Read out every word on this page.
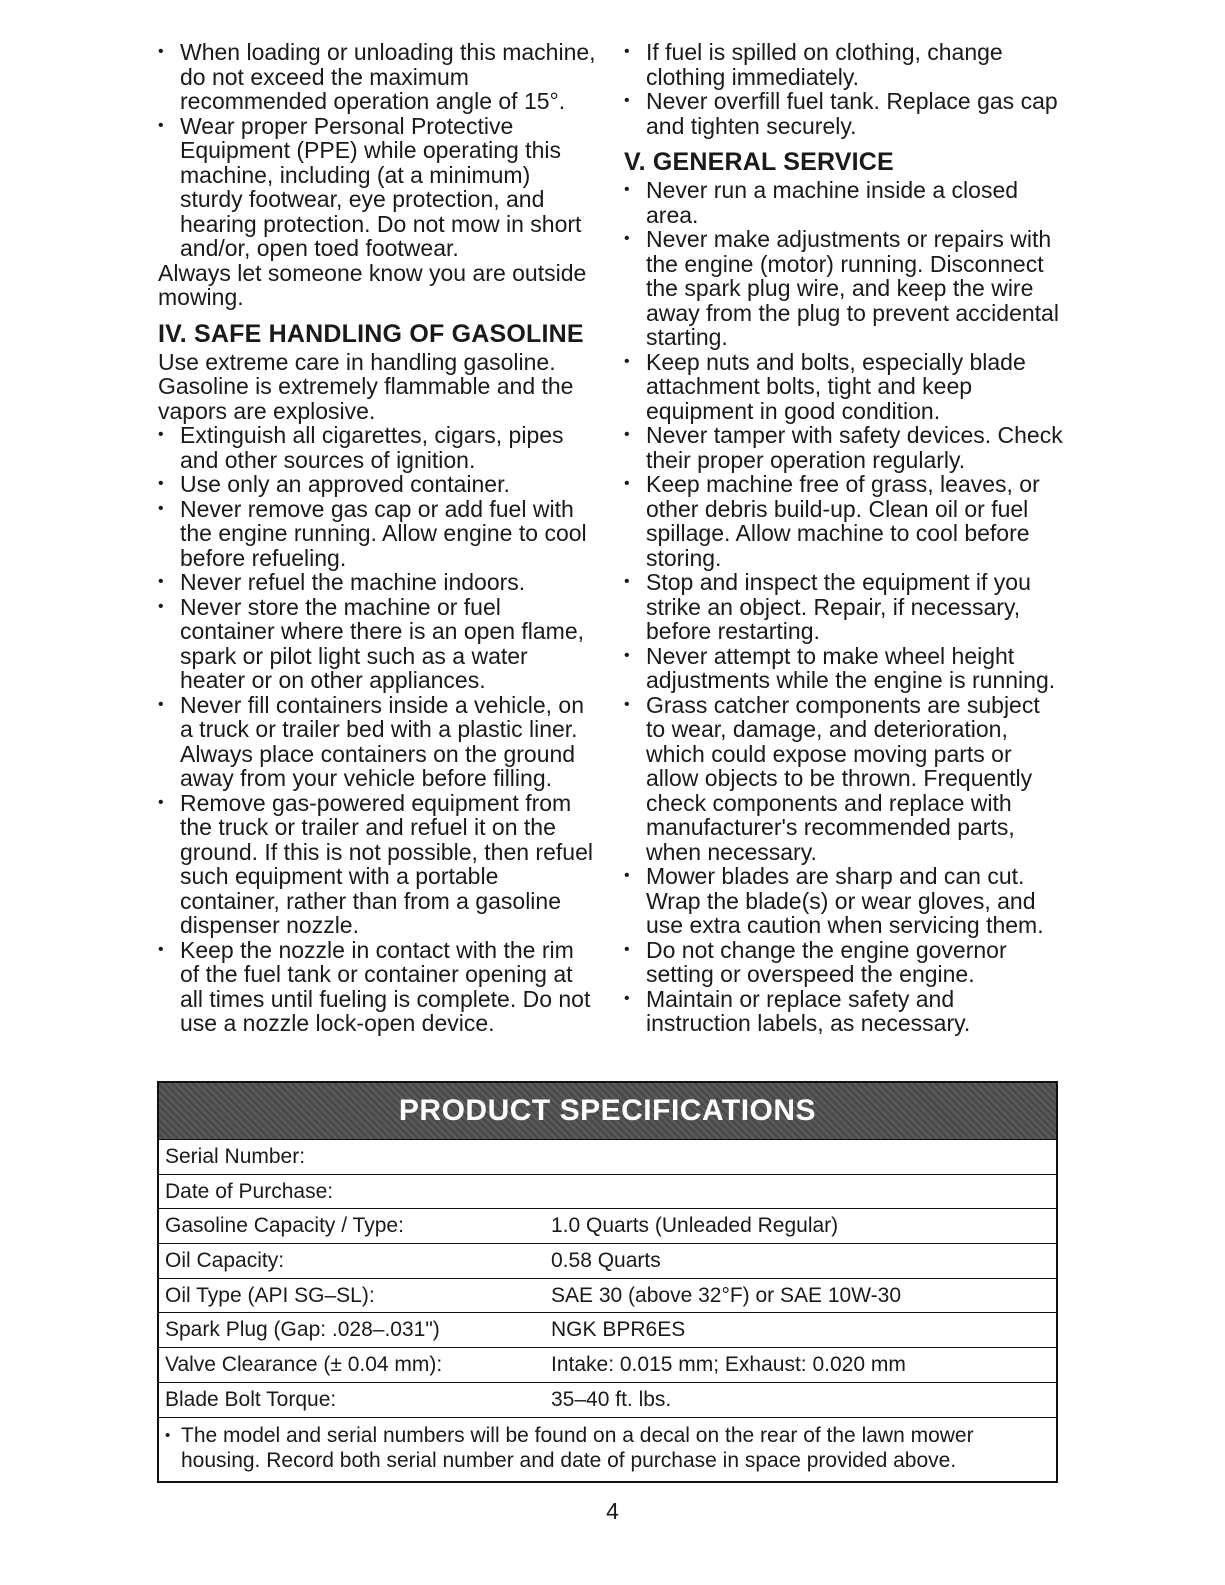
• When loading or unloading this machine, do not exceed the maximum recommended operation angle of 15°.
• Wear proper Personal Protective Equipment (PPE) while operating this machine, including (at a minimum) sturdy footwear, eye protection, and hearing protection. Do not mow in short and/or, open toed footwear.

Always let someone know you are outside mowing.

IV. SAFE HANDLING OF GASOLINE

Use extreme care in handling gasoline. Gasoline is extremely flammable and the vapors are explosive.

• Extinguish all cigarettes, cigars, pipes and other sources of ignition.
• Use only an approved container.
• Never remove gas cap or add fuel with the engine running. Allow engine to cool before refueling.
• Never refuel the machine indoors.
• Never store the machine or fuel container where there is an open flame, spark or pilot light such as a water heater or on other appliances.
• Never fill containers inside a vehicle, on a truck or trailer bed with a plastic liner. Always place containers on the ground away from your vehicle before filling.
• Remove gas-powered equipment from the truck or trailer and refuel it on the ground. If this is not possible, then refuel such equipment with a portable container, rather than from a gasoline dispenser nozzle.
• Keep the nozzle in contact with the rim of the fuel tank or container opening at all times until fueling is complete. Do not use a nozzle lock-open device.
• If fuel is spilled on clothing, change clothing immediately.
• Never overfill fuel tank. Replace gas cap and tighten securely.
V. GENERAL SERVICE
• Never run a machine inside a closed area.
• Never make adjustments or repairs with the engine (motor) running. Disconnect the spark plug wire, and keep the wire away from the plug to prevent accidental starting.
• Keep nuts and bolts, especially blade attachment bolts, tight and keep equipment in good condition.
• Never tamper with safety devices. Check their proper operation regularly.
• Keep machine free of grass, leaves, or other debris build-up. Clean oil or fuel spillage. Allow machine to cool before storing.
• Stop and inspect the equipment if you strike an object. Repair, if necessary, before restarting.
• Never attempt to make wheel height adjustments while the engine is running.
• Grass catcher components are subject to wear, damage, and deterioration, which could expose moving parts or allow objects to be thrown. Frequently check components and replace with manufacturer's recommended parts, when necessary.
• Mower blades are sharp and can cut. Wrap the blade(s) or wear gloves, and use extra caution when servicing them.
• Do not change the engine governor setting or overspeed the engine.
• Maintain or replace safety and instruction labels, as necessary.
PRODUCT SPECIFICATIONS
Serial Number:
Date of Purchase:
Gasoline Capacity / Type:	1.0 Quarts (Unleaded Regular)
Oil Capacity:	0.58 Quarts
Oil Type (API SG–SL):	SAE 30 (above 32°F) or SAE 10W-30
Spark Plug (Gap: .028–.031")	NGK BPR6ES
Valve Clearance (± 0.04 mm):	Intake: 0.015 mm; Exhaust: 0.020 mm
Blade Bolt Torque:	35–40 ft. lbs.
• The model and serial numbers will be found on a decal on the rear of the lawn mower housing. Record both serial number and date of purchase in space provided above.
4
